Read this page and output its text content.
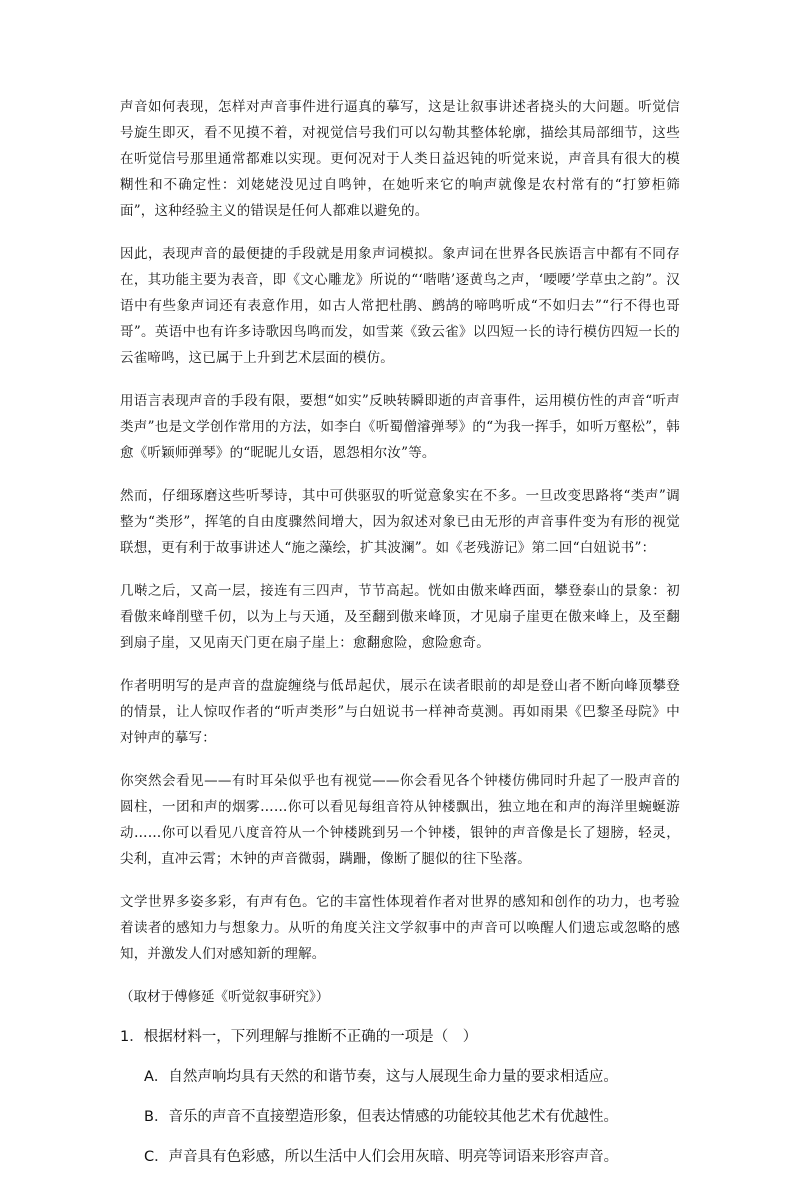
声音如何表现，怎样对声音事件进行逼真的摹写，这是让叙事讲述者挠头的大问题。听觉信号旋生即灭，看不见摸不着，对视觉信号我们可以勾勒其整体轮廓，描绘其局部细节，这些在听觉信号那里通常都难以实现。更何况对于人类日益迟钝的听觉来说，声音具有很大的模糊性和不确定性：刘姥姥没见过自鸣钟，在她听来它的响声就像是农村常有的“打箩柜筛面”，这种经验主义的错误是任何人都难以避免的。

因此，表现声音的最便捷的手段就是用象声词模拟。象声词在世界各民族语言中都有不同存在，其功能主要为表音，即《文心雕龙》所说的“‘喈喈’逐黄鸟之声，‘喓喓’学草虫之韵”。汉语中有些象声词还有表意作用，如古人常把杜鹃、鹧鸪的啼鸣听成“不如归去”“行不得也哥哥”。英语中也有许多诗歌因鸟鸣而发，如雪莱《致云雀》以四短一长的诗行模仿四短一长的云雀啼鸣，这已属于上升到艺术层面的模仿。

用语言表现声音的手段有限，要想“如实”反映转瞬即逝的声音事件，运用模仿性的声音“听声类声”也是文学创作常用的方法，如李白《听蜀僧濬弹琴》的“为我一挥手，如听万壑松”，韩愈《听颖师弹琴》的“昵昵儿女语，恩怨相尔汝”等。

然而，仔细琢磨这些听琴诗，其中可供驱驭的听觉意象实在不多。一旦改变思路将“类声”调整为“类形”，挥笔的自由度骤然间增大，因为叙述对象已由无形的声音事件变为有形的视觉联想，更有利于故事讲述人“施之藻绘，扩其波澜”。如《老残游记》第二回“白妞说书”：

几啭之后，又高一层，接连有三四声，节节高起。恍如由傲来峰西面，攀登泰山的景象：初看傲来峰削壁千仞，以为上与天通，及至翻到傲来峰顶，才见扇子崖更在傲来峰上，及至翻到扇子崖，又见南天门更在扇子崖上：愈翻愈险，愈险愈奇。

作者明明写的是声音的盘旋缠绕与低昂起伏，展示在读者眼前的却是登山者不断向峰顶攀登的情景，让人惊叹作者的“听声类形”与白妞说书一样神奇莫测。再如雨果《巴黎圣母院》中对钟声的摹写：

你突然会看见——有时耳朵似乎也有视觉——你会看见各个钟楼仿佛同时升起了一股声音的圆柱，一团和声的烟雾……你可以看见每组音符从钟楼飘出，独立地在和声的海洋里蜿蜒游动……你可以看见八度音符从一个钟楼跳到另一个钟楼，银钟的声音像是长了翅膀，轻灵，尖利，直冲云霄；木钟的声音微弱，蹒跚，像断了腿似的往下坠落。

文学世界多姿多彩，有声有色。它的丰富性体现着作者对世界的感知和创作的功力，也考验着读者的感知力与想象力。从听的角度关注文学叙事中的声音可以唤醒人们遗忘或忽略的感知，并激发人们对感知新的理解。

（取材于傅修延《听觉叙事研究》）

1．根据材料一，下列理解与推断不正确的一项是（　）

A．自然声响均具有天然的和谐节奏，这与人展现生命力量的要求相适应。

B．音乐的声音不直接塑造形象，但表达情感的功能较其他艺术有优越性。

C．声音具有色彩感，所以生活中人们会用灰暗、明亮等词语来形容声音。
